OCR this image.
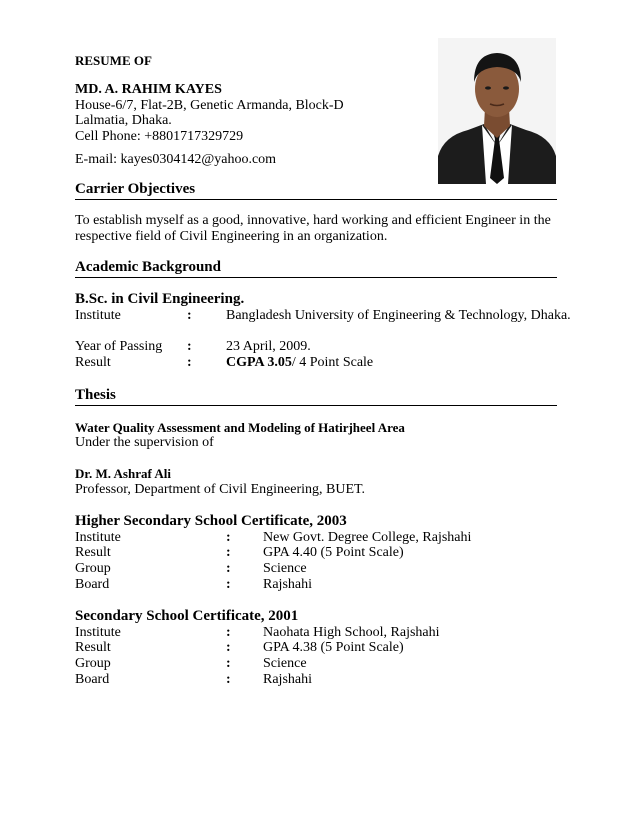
RESUME OF
MD. A. RAHIM KAYES
House-6/7, Flat-2B, Genetic Armanda, Block-D
Lalmatia, Dhaka.
Cell Phone: +8801717329729
E-mail: kayes0304142@yahoo.com
Carrier Objectives
To establish myself as a good, innovative, hard working and efficient Engineer in the
respective field of Civil Engineering in an organization.
Academic Background
B.Sc. in Civil Engineering.
Institute	: Bangladesh University of Engineering & Technology, Dhaka.
Year of Passing : 23 April, 2009.
Result	: CGPA 3.05/ 4 Point Scale
Thesis
Water Quality Assessment and Modeling of Hatirjheel Area
Under the supervision of
Dr. M. Ashraf Ali
Professor, Department of Civil Engineering, BUET.
Higher Secondary School Certificate, 2003
Institute	: New Govt. Degree College, Rajshahi
Result	: GPA 4.40 (5 Point Scale)
Group	: Science
Board	: Rajshahi
Secondary School Certificate, 2001
Institute	: Naohata High School, Rajshahi
Result	: GPA 4.38 (5 Point Scale)
Group	: Science
Board	: Rajshahi
